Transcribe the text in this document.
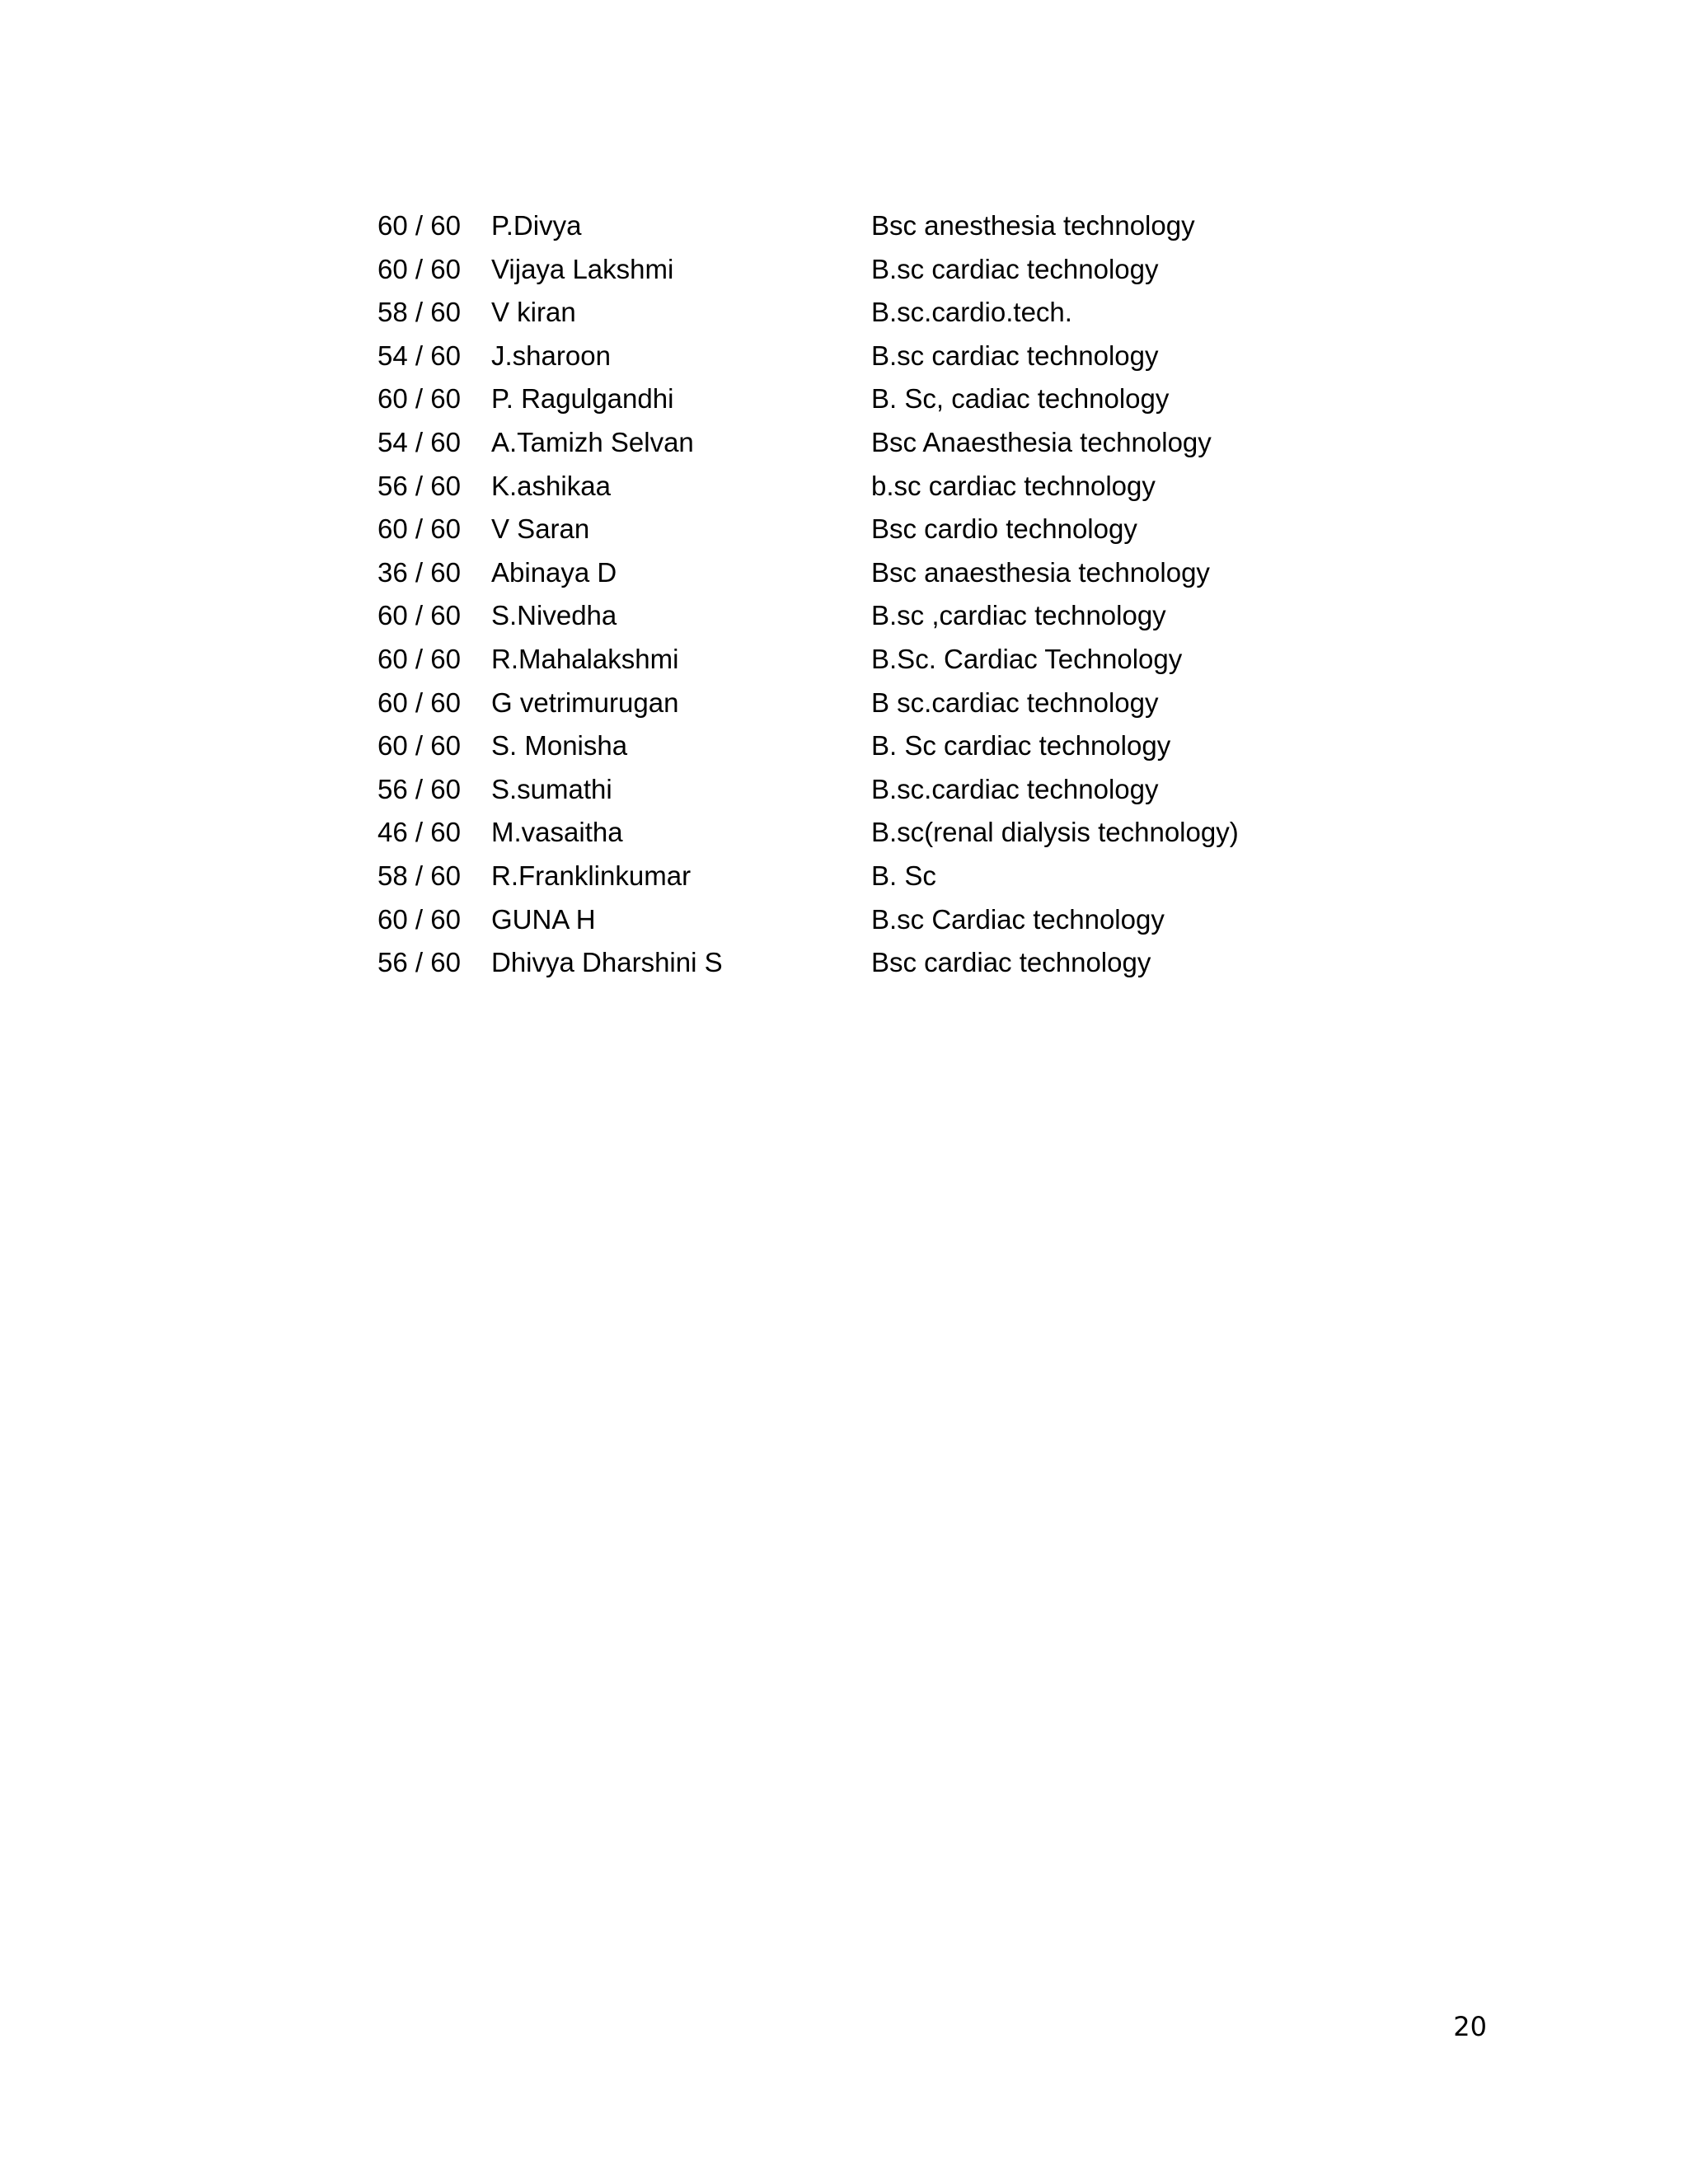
60 / 60	P.Divya	Bsc anesthesia technology
60 / 60	Vijaya Lakshmi	B.sc cardiac technology
58 / 60	V kiran	B.sc.cardio.tech.
54 / 60	J.sharoon	B.sc cardiac technology
60 / 60	P. Ragulgandhi	B. Sc, cadiac technology
54 / 60	A.Tamizh Selvan	Bsc Anaesthesia technology
56 / 60	K.ashikaa	b.sc cardiac technology
60 / 60	V Saran	Bsc cardio technology
36 / 60	Abinaya D	Bsc anaesthesia technology
60 / 60	S.Nivedha	B.sc ,cardiac technology
60 / 60	R.Mahalakshmi	B.Sc. Cardiac Technology
60 / 60	G vetrimurugan	B sc.cardiac technology
60 / 60	S. Monisha	B. Sc cardiac technology
56 / 60	S.sumathi	B.sc.cardiac technology
46 / 60	M.vasaitha	B.sc(renal dialysis technology)
58 / 60	R.Franklinkumar	B. Sc
60 / 60	GUNA H	B.sc Cardiac technology
56 / 60	Dhivya Dharshini S	Bsc cardiac technology
20
